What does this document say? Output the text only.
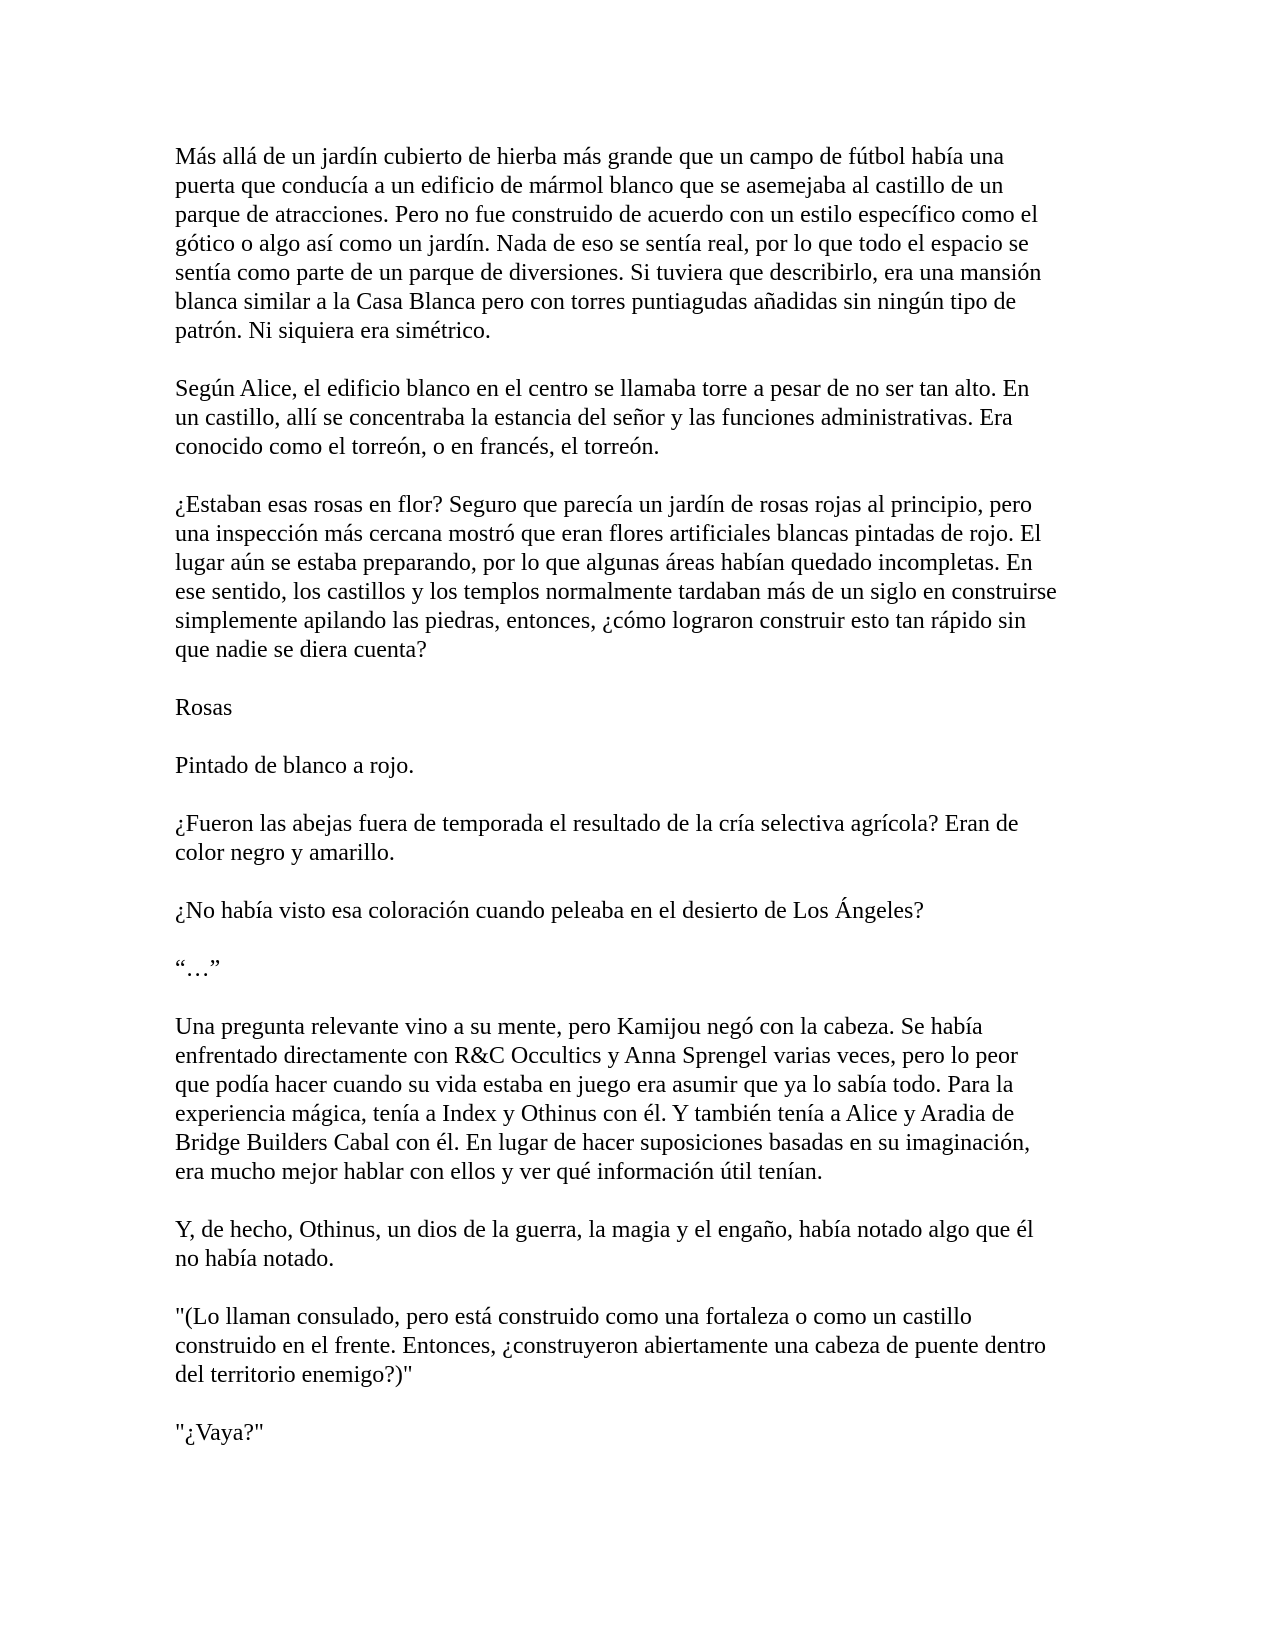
Más allá de un jardín cubierto de hierba más grande que un campo de fútbol había una
puerta que conducía a un edificio de mármol blanco que se asemejaba al castillo de un
parque de atracciones. Pero no fue construido de acuerdo con un estilo específico como el
gótico o algo así como un jardín. Nada de eso se sentía real, por lo que todo el espacio se
sentía como parte de un parque de diversiones. Si tuviera que describirlo, era una mansión
blanca similar a la Casa Blanca pero con torres puntiagudas añadidas sin ningún tipo de
patrón. Ni siquiera era simétrico.

Según Alice, el edificio blanco en el centro se llamaba torre a pesar de no ser tan alto. En
un castillo, allí se concentraba la estancia del señor y las funciones administrativas. Era
conocido como el torreón, o en francés, el torreón.

¿Estaban esas rosas en flor? Seguro que parecía un jardín de rosas rojas al principio, pero
una inspección más cercana mostró que eran flores artificiales blancas pintadas de rojo. El
lugar aún se estaba preparando, por lo que algunas áreas habían quedado incompletas. En
ese sentido, los castillos y los templos normalmente tardaban más de un siglo en construirse
simplemente apilando las piedras, entonces, ¿cómo lograron construir esto tan rápido sin
que nadie se diera cuenta?

Rosas

Pintado de blanco a rojo.

¿Fueron las abejas fuera de temporada el resultado de la cría selectiva agrícola? Eran de
color negro y amarillo.

¿No había visto esa coloración cuando peleaba en el desierto de Los Ángeles?

“…”

Una pregunta relevante vino a su mente, pero Kamijou negó con la cabeza. Se había
enfrentado directamente con R&C Occultics y Anna Sprengel varias veces, pero lo peor
que podía hacer cuando su vida estaba en juego era asumir que ya lo sabía todo. Para la
experiencia mágica, tenía a Index y Othinus con él. Y también tenía a Alice y Aradia de
Bridge Builders Cabal con él. En lugar de hacer suposiciones basadas en su imaginación,
era mucho mejor hablar con ellos y ver qué información útil tenían.

Y, de hecho, Othinus, un dios de la guerra, la magia y el engaño, había notado algo que él
no había notado.

"(Lo llaman consulado, pero está construido como una fortaleza o como un castillo
construido en el frente. Entonces, ¿construyeron abiertamente una cabeza de puente dentro
del territorio enemigo?)"

"¿Vaya?"
